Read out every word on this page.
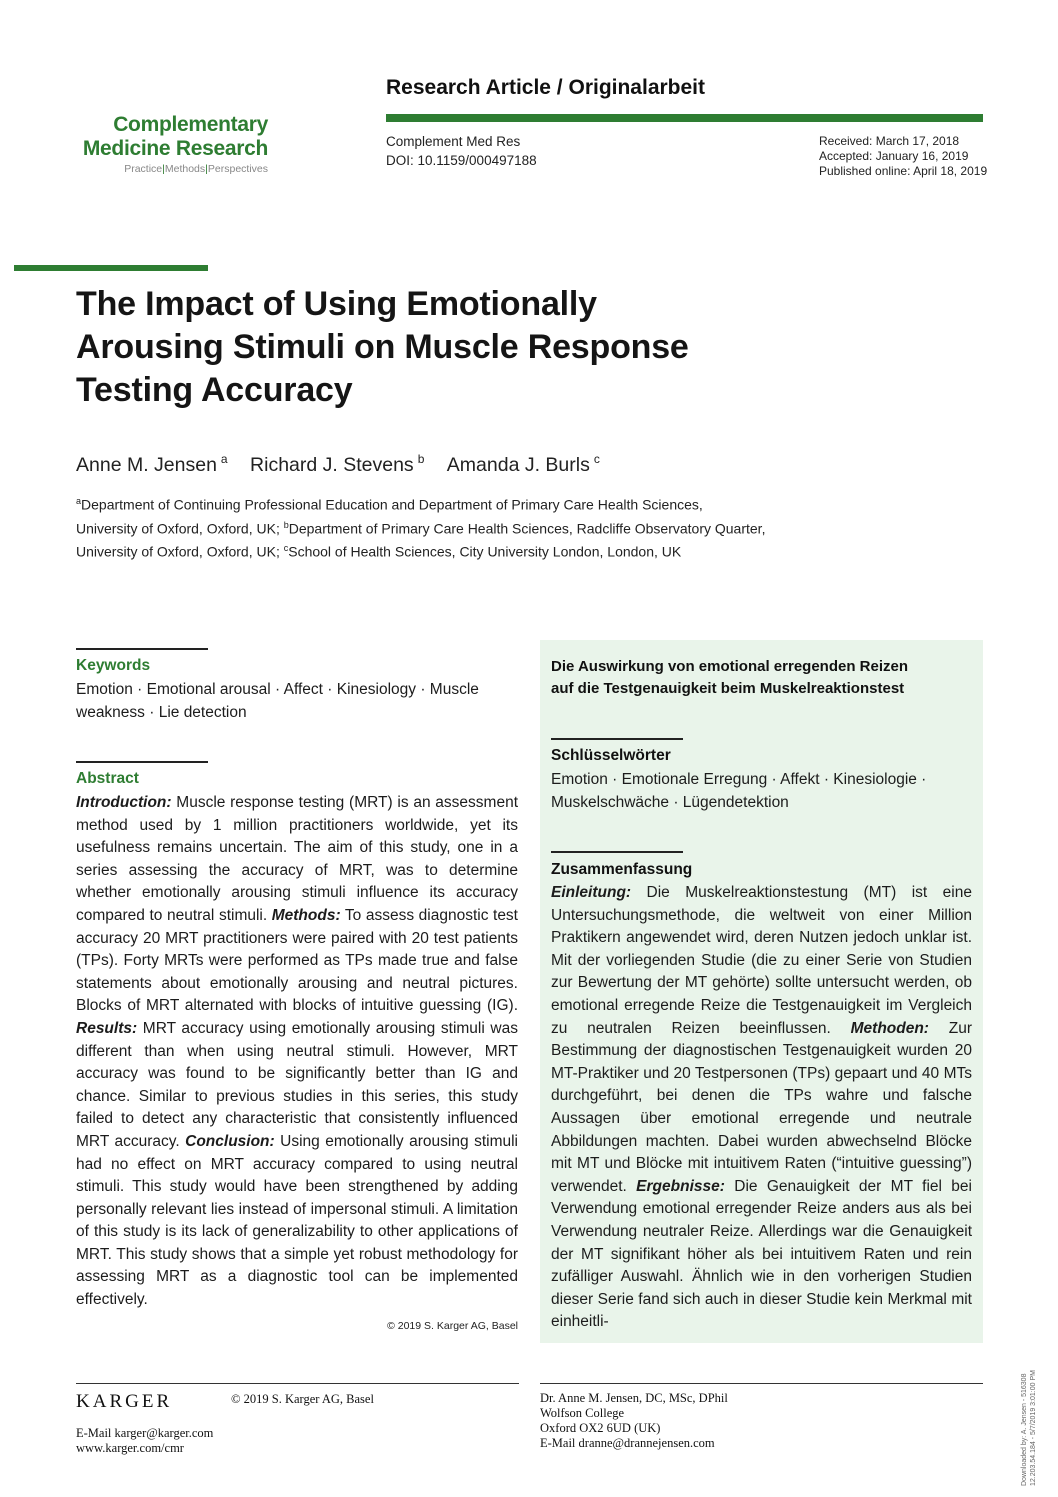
Complementary
Medicine Research
Practice|Methods|Perspectives
Research Article / Originalarbeit
Complement Med Res
DOI: 10.1159/000497188
Received: March 17, 2018
Accepted: January 16, 2019
Published online: April 18, 2019
The Impact of Using Emotionally
Arousing Stimuli on Muscle Response
Testing Accuracy
Anne M. Jensen $^a$ Richard J. Stevens $^b$ Amanda J. Burls $^c$
$^a$Department of Continuing Professional Education and Department of Primary Care Health Sciences,
University of Oxford, Oxford, UK; $^b$Department of Primary Care Health Sciences, Radcliffe Observatory Quarter,
University of Oxford, Oxford, UK; $^c$School of Health Sciences, City University London, London, UK
Keywords
Emotion · Emotional arousal · Affect · Kinesiology · Muscle
weakness · Lie detection
Abstract
Introduction: Muscle response testing (MRT) is an assessment method used by 1 million practitioners worldwide, yet its usefulness remains uncertain. The aim of this study, one in a series assessing the accuracy of MRT, was to determine whether emotionally arousing stimuli influence its accuracy compared to neutral stimuli. Methods: To assess diagnostic test accuracy 20 MRT practitioners were paired with 20 test patients (TPs). Forty MRTs were performed as TPs made true and false statements about emotionally arousing and neutral pictures. Blocks of MRT alternated with blocks of intuitive guessing (IG). Results: MRT accuracy using emotionally arousing stimuli was different than when using neutral stimuli. However, MRT accuracy was found to be significantly better than IG and chance. Similar to previous studies in this series, this study failed to detect any characteristic that consistently influenced MRT accuracy. Conclusion: Using emotionally arousing stimuli had no effect on MRT accuracy compared to using neutral stimuli. This study would have been strengthened by adding personally relevant lies instead of impersonal stimuli. A limitation of this study is its lack of generalizability to other applications of MRT. This study shows that a simple yet robust methodology for assessing MRT as a diagnostic tool can be implemented effectively.
© 2019 S. Karger AG, Basel
Die Auswirkung von emotional erregenden Reizen
auf die Testgenauigkeit beim Muskelreaktionstest
Schlüsselwörter
Emotion · Emotionale Erregung · Affekt · Kinesiologie ·
Muskelschwäche · Lügendetektion
Zusammenfassung
Einleitung: Die Muskelreaktionstestung (MT) ist eine Untersuchungsmethode, die weltweit von einer Million Praktikern angewendet wird, deren Nutzen jedoch unklar ist. Mit der vorliegenden Studie (die zu einer Serie von Studien zur Bewertung der MT gehörte) sollte untersucht werden, ob emotional erregende Reize die Testgenauigkeit im Vergleich zu neutralen Reizen beeinflussen. Methoden: Zur Bestimmung der diagnostischen Testgenauigkeit wurden 20 MT-Praktiker und 20 Testpersonen (TPs) gepaart und 40 MTs durchgeführt, bei denen die TPs wahre und falsche Aussagen über emotional erregende und neutrale Abbildungen machten. Dabei wurden abwechselnd Blöcke mit MT und Blöcke mit intuitivem Raten (“intuitive guessing”) verwendet. Ergebnisse: Die Genauigkeit der MT fiel bei Verwendung emotional erregender Reize anders aus als bei Verwendung neutraler Reize. Allerdings war die Genauigkeit der MT signifikant höher als bei intuitivem Raten und rein zufälliger Auswahl. Ähnlich wie in den vorherigen Studien dieser Serie fand sich auch in dieser Studie kein Merkmal mit einheitli-
KARGER	© 2019 S. Karger AG, Basel
E-Mail karger@karger.com
www.karger.com/cmr
Dr. Anne M. Jensen, DC, MSc, DPhil
Wolfson College
Oxford OX2 6UD (UK)
E-Mail dranne@drannejensen.com	Downloaded by: A. Jensen - 516308 12.203.54.184 - 5/7/2019 3:01:00 PM
